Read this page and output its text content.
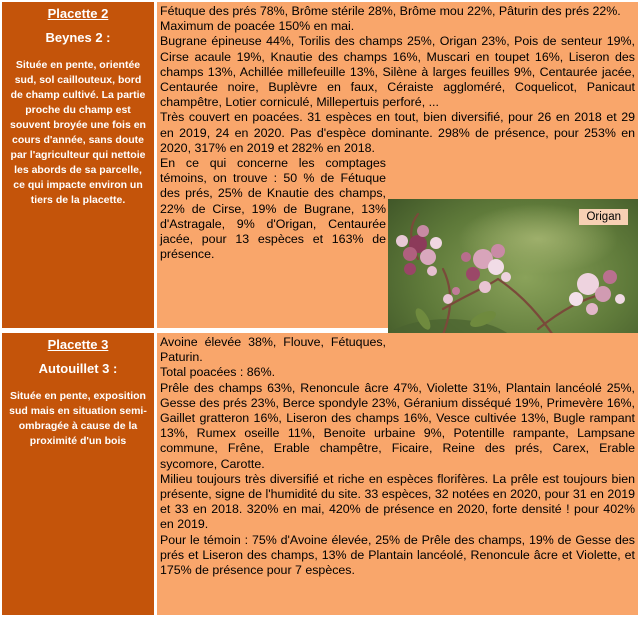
Placette 2
Beynes 2 :
Située en pente, orientée sud, sol caillouteux, bord de champ cultivé. La partie proche du champ est souvent broyée une fois en cours d'année, sans doute par l'agriculteur qui nettoie les abords de sa parcelle, ce qui impacte environ un tiers de la placette.

Fétuque des prés 78%, Brôme stérile 28%, Brôme mou 22%, Pâturin des prés 22%.

Maximum de poacée 150% en mai.

Bugrane épineuse 44%, Torilis des champs 25%, Origan 23%, Pois de senteur 19%, Cirse acaule 19%, Knautie des champs 16%, Muscari en toupet 16%, Liseron des champs 13%, Achillée millefeuille 13%, Silène à larges feuilles 9%, Centaurée jacée, Centaurée noire, Buplèvre en faux, Céraiste aggloméré, Coquelicot, Panicaut champêtre, Lotier corniculé, Millepertuis perforé, ...

Très couvert en poacées. 31 espèces en tout, bien diversifié, pour 26 en 2018 et 29 en 2019, 24 en 2020. Pas d'espèce dominante. 298% de présence, pour 253% en 2020, 317% en 2019 et 282% en 2018.

En ce qui concerne les comptages témoins, on trouve : 50 % de Fétuque des prés, 25% de Knautie des champs, 22% de Cirse, 19% de Bugrane, 13% d'Astragale, 9% d'Origan, Centaurée jacée, pour 13 espèces et 163% de présence.

Origan
Placette 3
Autouillet 3 :
Située en pente, exposition sud mais en situation semi-ombragée à cause de la proximité d'un bois

Avoine élevée 38%, Flouve, Fétuques, Paturin.

Total poacées : 86%.

Prêle des champs 63%, Renoncule âcre 47%, Violette 31%, Plantain lancéolé 25%, Gesse des prés 23%, Berce spondyle 23%, Géranium disséqué 19%, Primevère 16%, Gaillet gratteron 16%, Liseron des champs 16%, Vesce cultivée 13%, Bugle rampant 13%, Rumex oseille 11%, Benoite urbaine 9%, Potentille rampante, Lampsane commune, Frêne, Erable champêtre, Ficaire, Reine des prés, Carex, Erable sycomore, Carotte.

Milieu toujours très diversifié et riche en espèces florifères. La prêle est toujours bien présente, signe de l'humidité du site. 33 espèces, 32 notées en 2020, pour 31 en 2019 et 33 en 2018. 320% en mai, 420% de présence en 2020, forte densité ! pour 402% en 2019.

Pour le témoin : 75% d'Avoine élevée, 25% de Prêle des champs, 19% de Gesse des prés et Liseron des champs, 13% de Plantain lancéolé, Renoncule âcre et Violette, et 175% de présence pour 7 espèces.
